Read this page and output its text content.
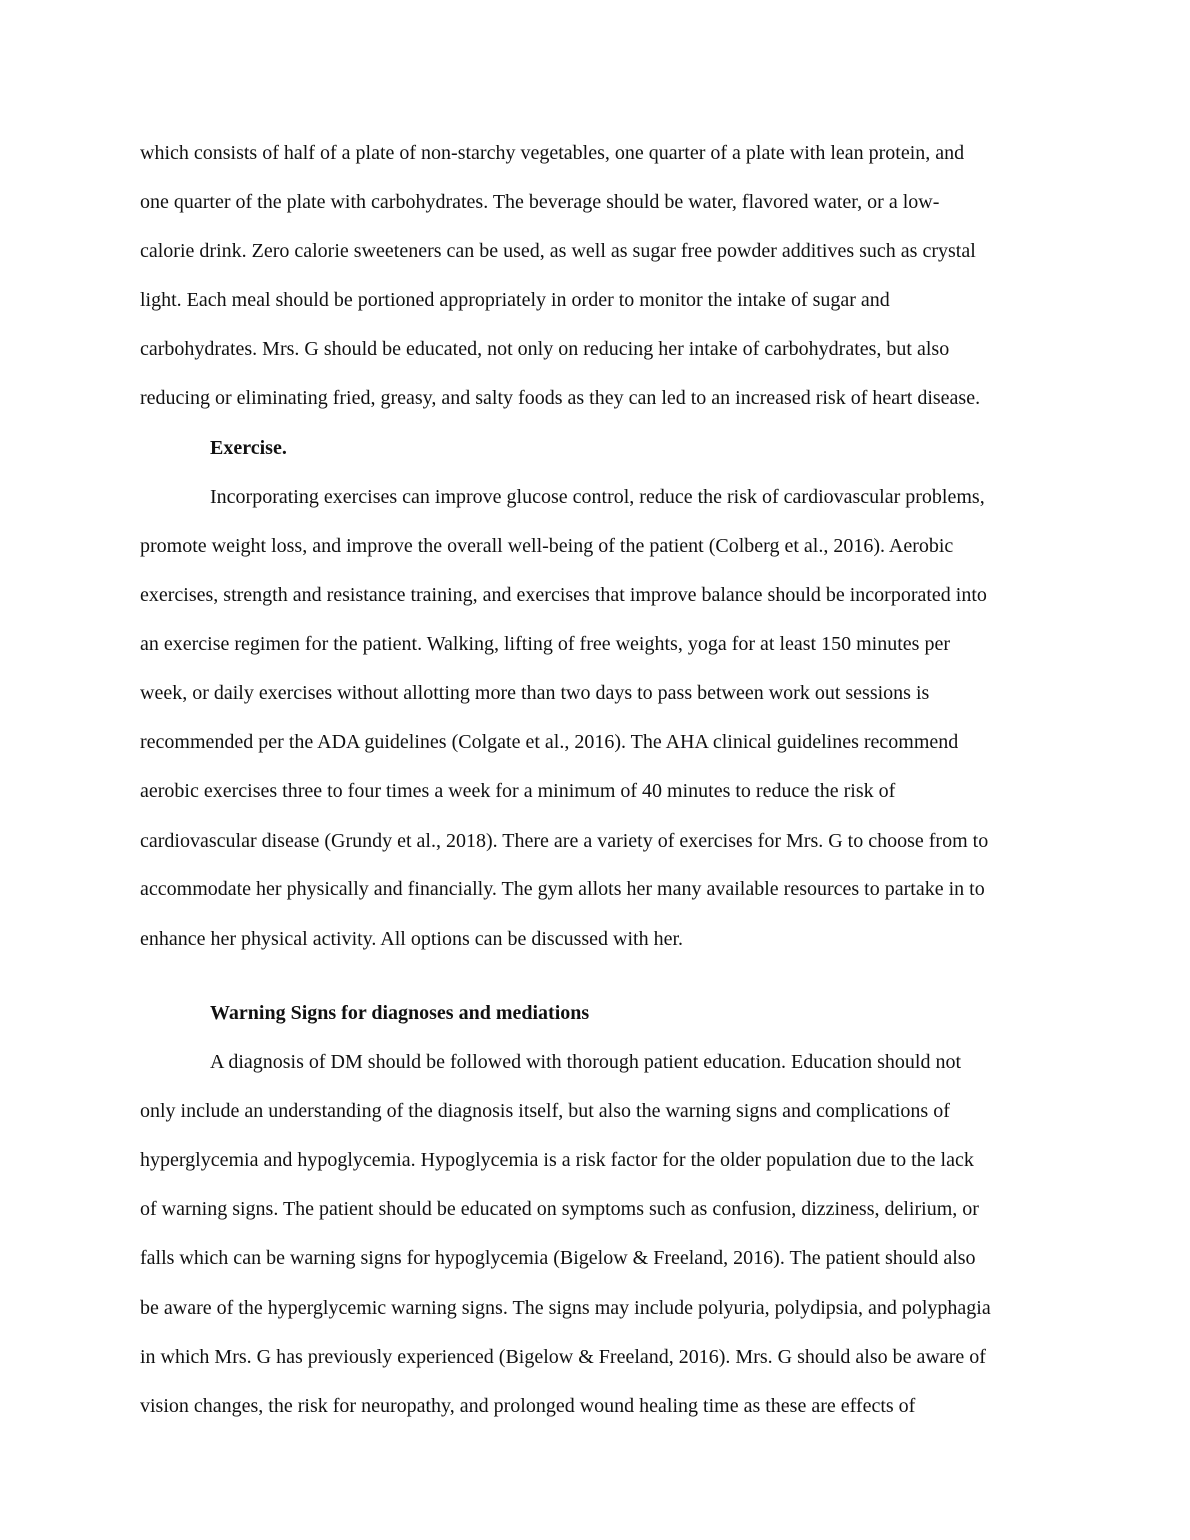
which consists of half of a plate of non-starchy vegetables, one quarter of a plate with lean protein, and
one quarter of the plate with carbohydrates. The beverage should be water, flavored water, or a low-
calorie drink. Zero calorie sweeteners can be used, as well as sugar free powder additives such as crystal
light. Each meal should be portioned appropriately in order to monitor the intake of sugar and
carbohydrates. Mrs. G should be educated, not only on reducing her intake of carbohydrates, but also
reducing or eliminating fried, greasy, and salty foods as they can led to an increased risk of heart disease.
Exercise.
Incorporating exercises can improve glucose control, reduce the risk of cardiovascular problems,
promote weight loss, and improve the overall well-being of the patient (Colberg et al., 2016). Aerobic
exercises, strength and resistance training, and exercises that improve balance should be incorporated into
an exercise regimen for the patient. Walking, lifting of free weights, yoga for at least 150 minutes per
week, or daily exercises without allotting more than two days to pass between work out sessions is
recommended per the ADA guidelines (Colgate et al., 2016). The AHA clinical guidelines recommend
aerobic exercises three to four times a week for a minimum of 40 minutes to reduce the risk of
cardiovascular disease (Grundy et al., 2018). There are a variety of exercises for Mrs. G to choose from to
accommodate her physically and financially. The gym allots her many available resources to partake in to
enhance her physical activity. All options can be discussed with her.
Warning Signs for diagnoses and mediations
A diagnosis of DM should be followed with thorough patient education. Education should not
only include an understanding of the diagnosis itself, but also the warning signs and complications of
hyperglycemia and hypoglycemia. Hypoglycemia is a risk factor for the older population due to the lack
of warning signs. The patient should be educated on symptoms such as confusion, dizziness, delirium, or
falls which can be warning signs for hypoglycemia (Bigelow & Freeland, 2016). The patient should also
be aware of the hyperglycemic warning signs. The signs may include polyuria, polydipsia, and polyphagia
in which Mrs. G has previously experienced (Bigelow & Freeland, 2016). Mrs. G should also be aware of
vision changes, the risk for neuropathy, and prolonged wound healing time as these are effects of
